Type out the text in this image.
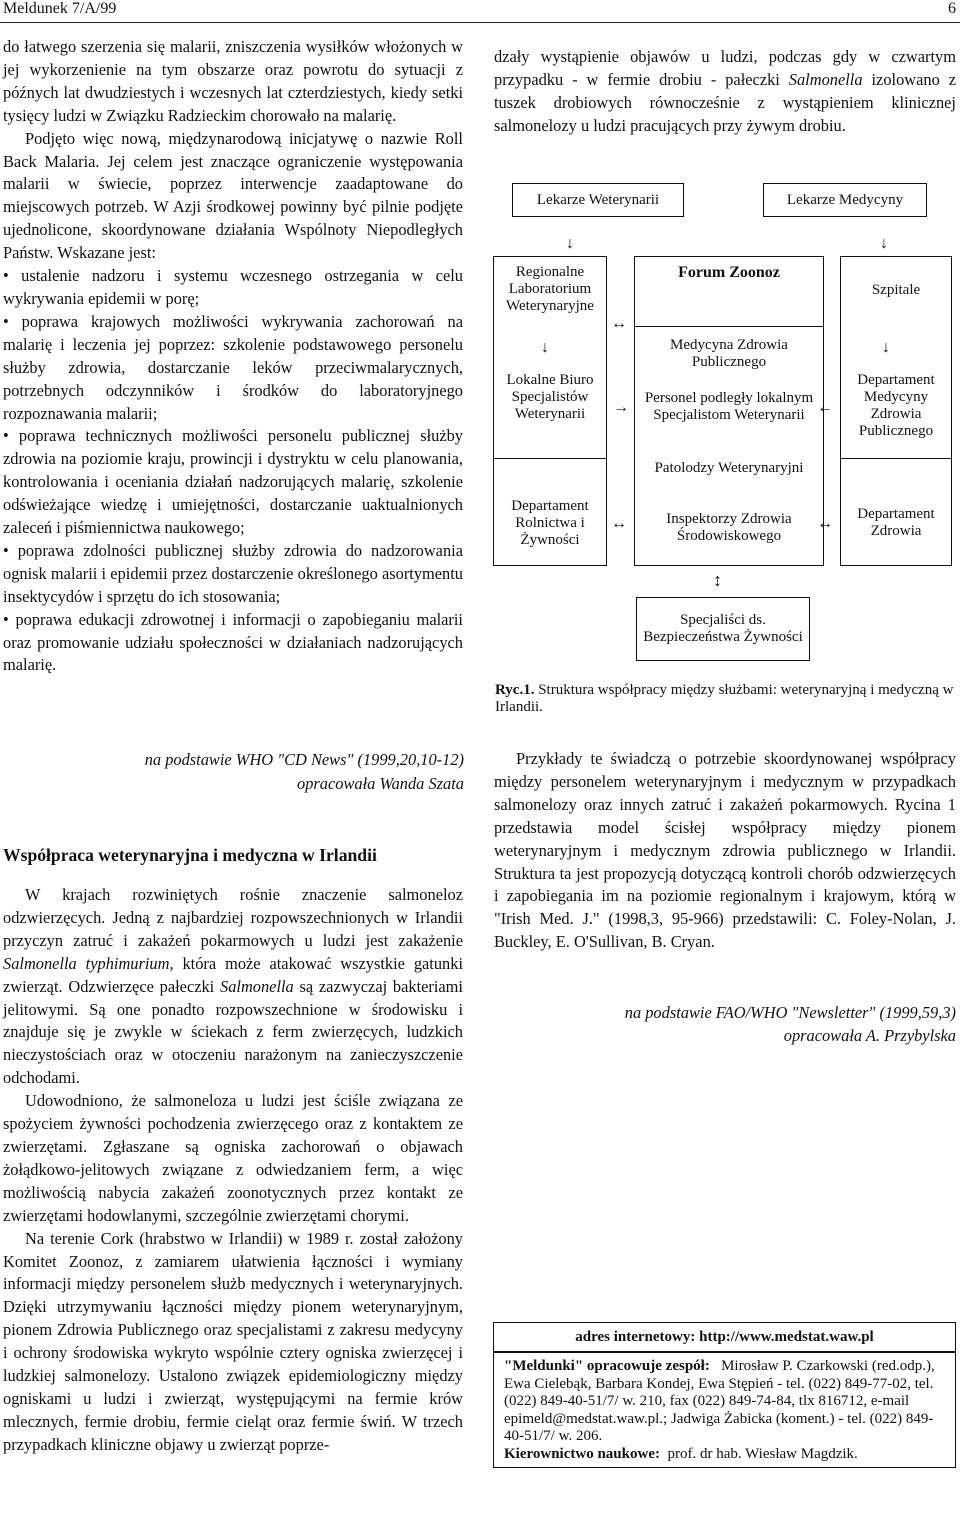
Meldunek 7/A/99	6

do łatwego szerzenia się malarii, zniszczenia wysiłków włożonych w jej wykorzenienie na tym obszarze oraz powrotu do sytuacji z późnych lat dwudziestych i wczesnych lat czterdziestych, kiedy setki tysięcy ludzi w Związku Radzieckim chorowało na malarię.

Podjęto więc nową, międzynarodową inicjatywę o nazwie Roll Back Malaria. Jej celem jest znaczące ograniczenie występowania malarii w świecie, poprzez interwencje zaadaptowane do miejscowych potrzeb. W Azji środkowej powinny być pilnie podjęte ujednolicone, skoordynowane działania Wspólnoty Niepodległych Państw. Wskazane jest:

• ustalenie nadzoru i systemu wczesnego ostrzegania w celu wykrywania epidemii w porę;

• poprawa krajowych możliwości wykrywania zachorowań na malarię i leczenia jej poprzez: szkolenie podstawowego personelu służby zdrowia, dostarczanie leków przeciwmalarycznych, potrzebnych odczynników i środków do laboratoryjnego rozpoznawania malarii;

• poprawa technicznych możliwości personelu publicznej służby zdrowia na poziomie kraju, prowincji i dystryktu w celu planowania, kontrolowania i oceniania działań nadzorujących malarię, szkolenie odświeżające wiedzę i umiejętności, dostarczanie uaktualnionych zaleceń i piśmiennictwa naukowego;

• poprawa zdolności publicznej służby zdrowia do nadzorowania ognisk malarii i epidemii przez dostarczenie określonego asortymentu insektycydów i sprzętu do ich stosowania;

• poprawa edukacji zdrowotnej i informacji o zapobieganiu malarii oraz promowanie udziału społeczności w działaniach nadzorujących malarię.

na podstawie WHO "CD News" (1999,20,10-12)
opracowała Wanda Szata
Współpraca weterynaryjna i medyczna w Irlandii

W krajach rozwiniętych rośnie znaczenie salmoneloz odzwierzęcych. Jedną z najbardziej rozpowszechnionych w Irlandii przyczyn zatruć i zakażeń pokarmowych u ludzi jest zakażenie Salmonella typhimurium, która może atakować wszystkie gatunki zwierząt. Odzwierzęce pałeczki Salmonella są zazwyczaj bakteriami jelitowymi. Są one ponadto rozpowszechnione w środowisku i znajduje się je zwykle w ściekach z ferm zwierzęcych, ludzkich nieczystościach oraz w otoczeniu narażonym na zanieczyszczenie odchodami.

Udowodniono, że salmoneloza u ludzi jest ściśle związana ze spożyciem żywności pochodzenia zwierzęcego oraz z kontaktem ze zwierzętami. Zgłaszane są ogniska zachorowań o objawach żołądkowo-jelitowych związane z odwiedzaniem ferm, a więc możliwością nabycia zakażeń zoonotycznych przez kontakt ze zwierzętami hodowlanymi, szczególnie zwierzętami chorymi.

Na terenie Cork (hrabstwo w Irlandii) w 1989 r. został założony Komitet Zoonoz, z zamiarem ułatwienia łączności i wymiany informacji między personelem służb medycznych i weterynaryjnych. Dzięki utrzymywaniu łączności między pionem weterynaryjnym, pionem Zdrowia Publicznego oraz specjalistami z zakresu medycyny i ochrony środowiska wykryto wspólnie cztery ogniska zwierzęcej i ludzkiej salmonelozy. Ustalono związek epidemiologiczny między ogniskami u ludzi i zwierząt, występującymi na fermie krów mlecznych, fermie drobiu, fermie cieląt oraz fermie świń. W trzech przypadkach kliniczne objawy u zwierząt poprze-

dzały wystąpienie objawów u ludzi, podczas gdy w czwartym przypadku - w fermie drobiu - pałeczki Salmonella izolowano z tuszek drobiowych równocześnie z wystąpieniem klinicznej salmonelozy u ludzi pracujących przy żywym drobiu.

Lekarze Weterynarii	Lekarze Medycyny
↓	↓
Regionalne Laboratorium Weterynaryjne
↓
Lokalne Biuro Specjalistów Weterynarii
Departament Rolnictwa i Żywności
Forum Zoonoz
Medycyna Zdrowia Publicznego
Personel podległy lokalnym Specjalistom Weterynarii
Patolodzy Weterynaryjni
Inspektorzy Zdrowia Środowiskowego
Szpitale
↓
Departament Medycyny Zdrowia Publicznego
Departament Zdrowia
↔
→
↔
←
↔
↕
Specjaliści ds. Bezpieczeństwa Żywności
Ryc.1. Struktura współpracy między służbami: weterynaryjną i medyczną w Irlandii.

Przykłady te świadczą o potrzebie skoordynowanej współpracy między personelem weterynaryjnym i medycznym w przypadkach salmonelozy oraz innych zatruć i zakażeń pokarmowych. Rycina 1 przedstawia model ścisłej współpracy między pionem weterynaryjnym i medycznym zdrowia publicznego w Irlandii. Struktura ta jest propozycją dotyczącą kontroli chorób odzwierzęcych i zapobiegania im na poziomie regionalnym i krajowym, którą w "Irish Med. J." (1998,3, 95-966) przedstawili: C. Foley-Nolan, J. Buckley, E. O'Sullivan, B. Cryan.

na podstawie FAO/WHO "Newsletter" (1999,59,3)
opracowała A. Przybylska
adres internetowy:
http://www.medstat.waw.pl

"Meldunki" opracowuje zespół: Mirosław P. Czarkowski (red.odp.), Ewa Cielebąk, Barbara Kondej, Ewa Stępień - tel. (022) 849-77-02, tel. (022) 849-40-51/7/ w. 210, fax (022) 849-74-84, tlx 816712, e-mail epimeld@medstat.waw.pl.; Jadwiga Żabicka (koment.) - tel. (022) 849-40-51/7/ w. 206.

Kierownictwo naukowe: prof. dr hab. Wiesław Magdzik.
